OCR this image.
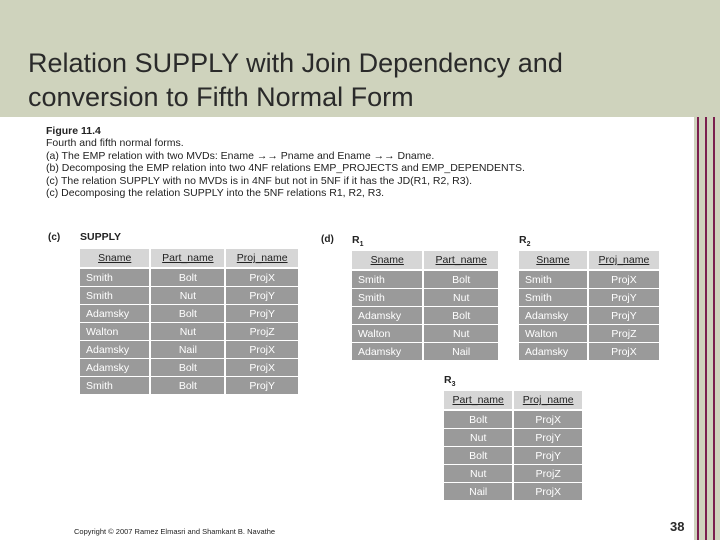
Relation SUPPLY with Join Dependency and conversion to Fifth Normal Form
Figure 11.4
Fourth and fifth normal forms.
(a) The EMP relation with two MVDs: Ename →→ Pname and Ename →→ Dname.
(b) Decomposing the EMP relation into two 4NF relations EMP_PROJECTS and EMP_DEPENDENTS.
(c) The relation SUPPLY with no MVDs is in 4NF but not in 5NF if it has the JD(R1, R2, R3).
(c) Decomposing the relation SUPPLY into the 5NF relations R1, R2, R3.
(c) SUPPLY
Sname	Part_name	Proj_name
Smith	Bolt	ProjX
Smith	Nut	ProjY
Adamsky	Bolt	ProjY
Walton	Nut	ProjZ
Adamsky	Nail	ProjX
Adamsky	Bolt	ProjX
Smith	Bolt	ProjY
(d) $R_1$
Sname	Part_name
Smith	Bolt
Smith	Nut
Adamsky	Bolt
Walton	Nut
Adamsky	Nail
$R_2$
Sname	Proj_name
Smith	ProjX
Smith	ProjY
Adamsky	ProjY
Walton	ProjZ
Adamsky	ProjX
$R_3$
Part_name	Proj_name
Bolt	ProjX
Nut	ProjY
Bolt	ProjY
Nut	ProjZ
Nail	ProjX
Copyright © 2007 Ramez Elmasri and Shamkant B. Navathe	38
